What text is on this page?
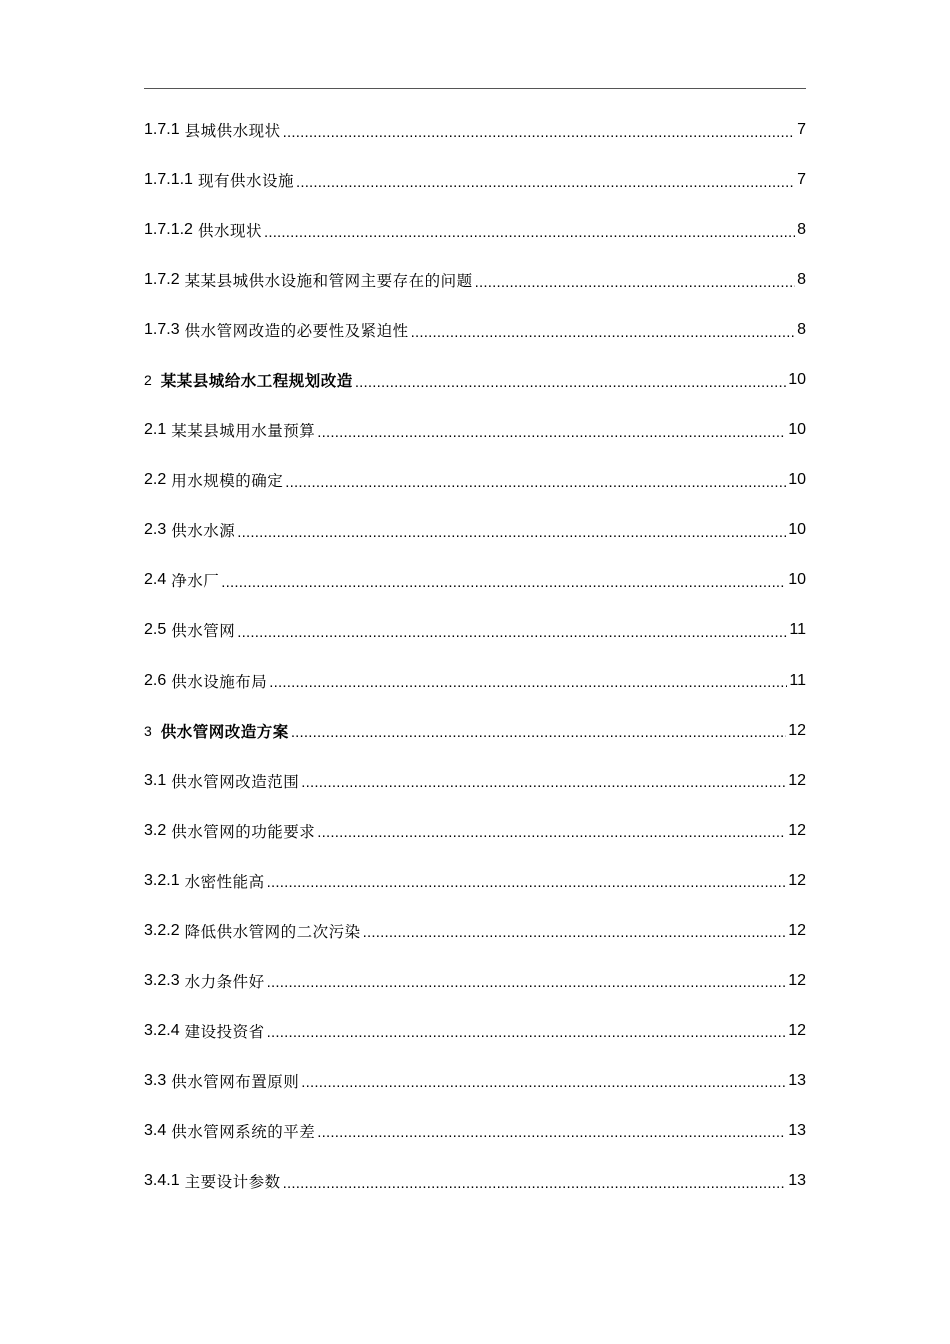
1.7.1 县城供水现状 .....	7
1.7.1.1 现有供水设施 .....	7
1.7.1.2 供水现状 .....	8
1.7.2 某某县城供水设施和管网主要存在的问题 .....	8
1.7.3 供水管网改造的必要性及紧迫性 .....	8
2 某某县城给水工程规划改造 .....	10
2.1 某某县城用水量预算 .....	10
2.2 用水规模的确定 .....	10
2.3 供水水源 .....	10
2.4 净水厂 .....	10
2.5 供水管网 .....	11
2.6 供水设施布局 .....	11
3 供水管网改造方案 .....	12
3.1 供水管网改造范围 .....	12
3.2 供水管网的功能要求 .....	12
3.2.1 水密性能高 .....	12
3.2.2 降低供水管网的二次污染 .....	12
3.2.3 水力条件好 .....	12
3.2.4 建设投资省 .....	12
3.3 供水管网布置原则 .....	13
3.4 供水管网系统的平差 .....	13
3.4.1 主要设计参数 .....	13
